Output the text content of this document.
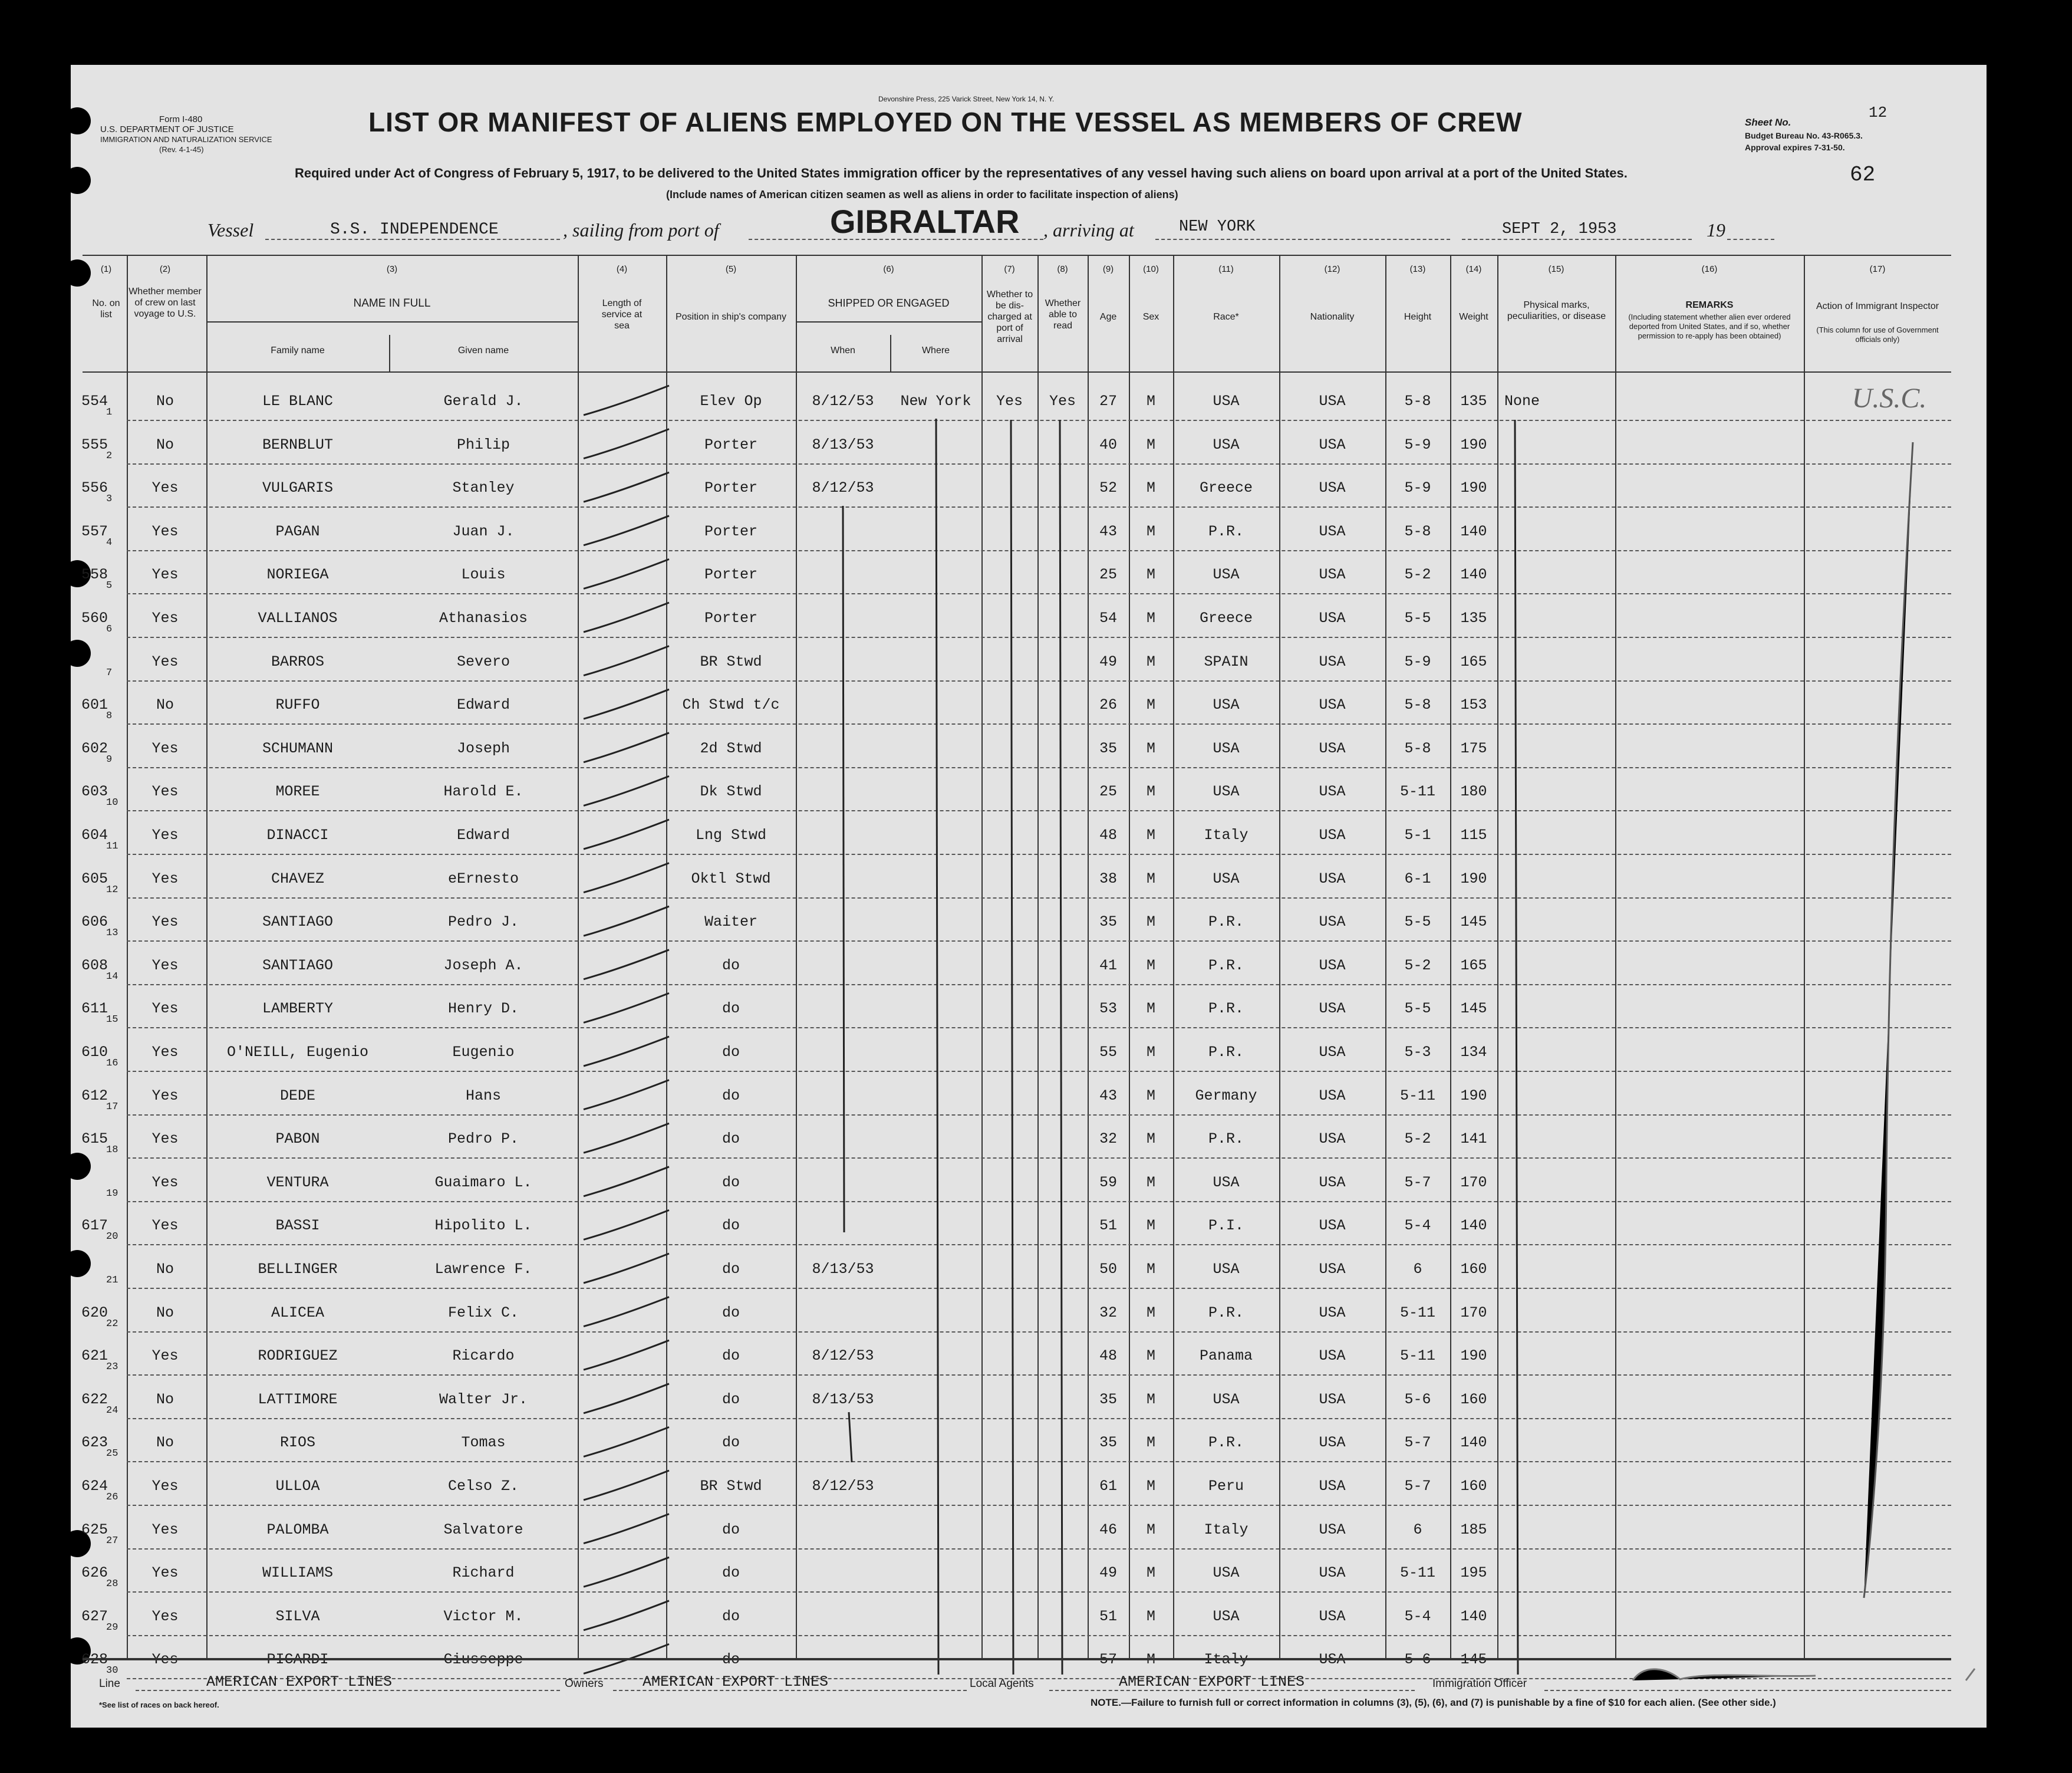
Form I-480
U.S. DEPARTMENT OF JUSTICE
IMMIGRATION AND NATURALIZATION SERVICE
(Rev. 4-1-45)
Devonshire Press, 225 Varick Street, New York 14, N. Y.
LIST OR MANIFEST OF ALIENS EMPLOYED ON THE VESSEL AS MEMBERS OF CREW	Sheet No.
12
Budget Bureau No. 43-R065.3.
Approval expires 7-31-50.
62
Required under Act of Congress of February 5, 1917, to be delivered to the United States immigration officer by the representatives of any vessel having such aliens on board upon arrival at a port of the United States.
(Include names of American citizen seamen as well as aliens in order to facilitate inspection of aliens)
Vessel	S.S. INDEPENDENCE	, sailing from port of	GIBRALTAR , arriving at	NEW YORK	SEPT 2, 1953	19
(1)
No. on list
(2)
Whether member of crew on last voyage to U.S.
(3)
NAME IN FULL
Family name	Given name
(4)
Length of service at sea
(5)
Position in ship's company
(6)
SHIPPED OR ENGAGED
When	Where
(7)
Whether to be dis-charged at port of arrival
(8)
Whether able to read
(9)
Age
(10)
Sex
(11)
Race*
(12)
Nationality
(13)
Height
(14)
Weight
(15)
Physical marks, peculiarities, or disease
(16)
REMARKS
(Including statement whether alien ever ordered deported from United States, and if so, whether permission to re-apply has been obtained)
(17)
Action of Immigrant Inspector
(This column for use of Government officials only)
554
1
No	LE BLANC	Gerald J.	Elev Op	8/12/53	New York	Yes	Yes	27	M	USA	USA	5-8	135	None	U.S.C.
555
2
No	BERNBLUT	Philip	Porter	8/13/53	40	M	USA	USA	5-9	190
556
3
Yes	VULGARIS	Stanley	Porter	8/12/53	52	M	Greece	USA	5-9	190
557
4
Yes	PAGAN	Juan J.	Porter	43	M	P.R.	USA	5-8	140
558
5
Yes	NORIEGA	Louis	Porter	25	M	USA	USA	5-2	140
560
6
Yes	VALLIANOS	Athanasios	Porter	54	M	Greece	USA	5-5	135
7
Yes	BARROS	Severo	BR Stwd	49	M	SPAIN	USA	5-9	165
601
8
No	RUFFO	Edward	Ch Stwd t/c	26	M	USA	USA	5-8	153
602
9
Yes	SCHUMANN	Joseph	2d Stwd	35	M	USA	USA	5-8	175
603
10
Yes	MOREE	Harold E.	Dk Stwd	25	M	USA	USA	5-11	180
604
11
Yes	DINACCI	Edward	Lng Stwd	48	M	Italy	USA	5-1	115
605
12
Yes	CHAVEZ	eErnesto	Oktl Stwd	38	M	USA	USA	6-1	190
606
13
Yes	SANTIAGO	Pedro J.	Waiter	35	M	P.R.	USA	5-5	145
608
14
Yes	SANTIAGO	Joseph A.	do	41	M	P.R.	USA	5-2	165
611
15
Yes	LAMBERTY	Henry D.	do	53	M	P.R.	USA	5-5	145
610
16
Yes	O'NEILL, Eugenio	Eugenio	do	55	M	P.R.	USA	5-3	134
612
17
Yes	DEDE	Hans	do	43	M	Germany	USA	5-11	190
615
18
Yes	PABON	Pedro P.	do	32	M	P.R.	USA	5-2	141
19
Yes	VENTURA	Guaimaro L.	do	59	M	USA	USA	5-7	170
617
20
Yes	BASSI	Hipolito L.	do	51	M	P.I.	USA	5-4	140
21
No	BELLINGER	Lawrence F.	do	8/13/53	50	M	USA	USA	6	160
620
22
No	ALICEA	Felix C.	do	32	M	P.R.	USA	5-11	170
621
23
Yes	RODRIGUEZ	Ricardo	do	8/12/53	48	M	Panama	USA	5-11	190
622
24
No	LATTIMORE	Walter Jr.	do	8/13/53	35	M	USA	USA	5-6	160
623
25
No	RIOS	Tomas	do	35	M	P.R.	USA	5-7	140
624
26
Yes	ULLOA	Celso Z.	BR Stwd	8/12/53	61	M	Peru	USA	5-7	160
625
27
Yes	PALOMBA	Salvatore	do	46	M	Italy	USA	6	185
626
28
Yes	WILLIAMS	Richard	do	49	M	USA	USA	5-11	195
627
29
Yes	SILVA	Victor M.	do	51	M	USA	USA	5-4	140
628
30
Yes	PICARDI	Giusseppe	do	57	M	Italy	USA	5-6	145
Line	AMERICAN EXPORT LINES	Owners	AMERICAN EXPORT LINES	Local Agents	AMERICAN EXPORT LINES	Immigration Officer
*See list of races on back hereof.	NOTE.—Failure to furnish full or correct information in columns (3), (5), (6), and (7) is punishable by a fine of $10 for each alien. (See other side.)
